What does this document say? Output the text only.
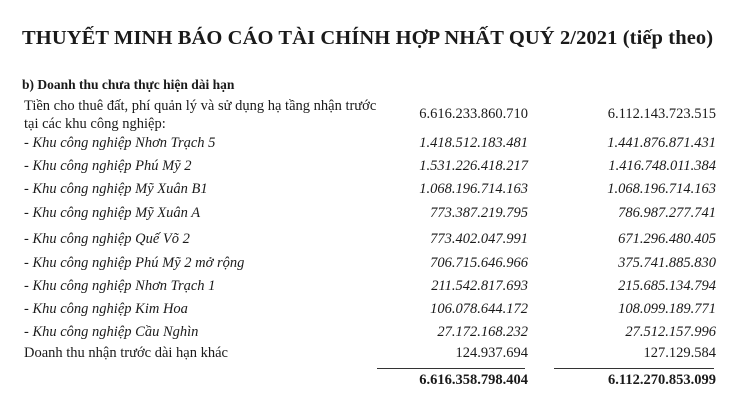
THUYẾT MINH BÁO CÁO TÀI CHÍNH HỢP NHẤT QUÝ 2/2021 (tiếp theo)
b) Doanh thu chưa thực hiện dài hạn
Tiền cho thuê đất, phí quản lý và sử dụng hạ tầng nhận trước
tại các khu công nghiệp:
6.616.233.860.710	6.112.143.723.515
- Khu công nghiệp Nhơn Trạch 5	1.418.512.183.481	1.441.876.871.431
- Khu công nghiệp Phú Mỹ 2	1.531.226.418.217	1.416.748.011.384
- Khu công nghiệp Mỹ Xuân B1	1.068.196.714.163	1.068.196.714.163
- Khu công nghiệp Mỹ Xuân A	773.387.219.795	786.987.277.741
- Khu công nghiệp Quế Võ 2	773.402.047.991	671.296.480.405
- Khu công nghiệp Phú Mỹ 2 mở rộng	706.715.646.966	375.741.885.830
- Khu công nghiệp Nhơn Trạch 1	211.542.817.693	215.685.134.794
- Khu công nghiệp Kim Hoa	106.078.644.172	108.099.189.771
- Khu công nghiệp Cầu Nghìn	27.172.168.232	27.512.157.996
Doanh thu nhận trước dài hạn khác	124.937.694	127.129.584
6.616.358.798.404	6.112.270.853.099
